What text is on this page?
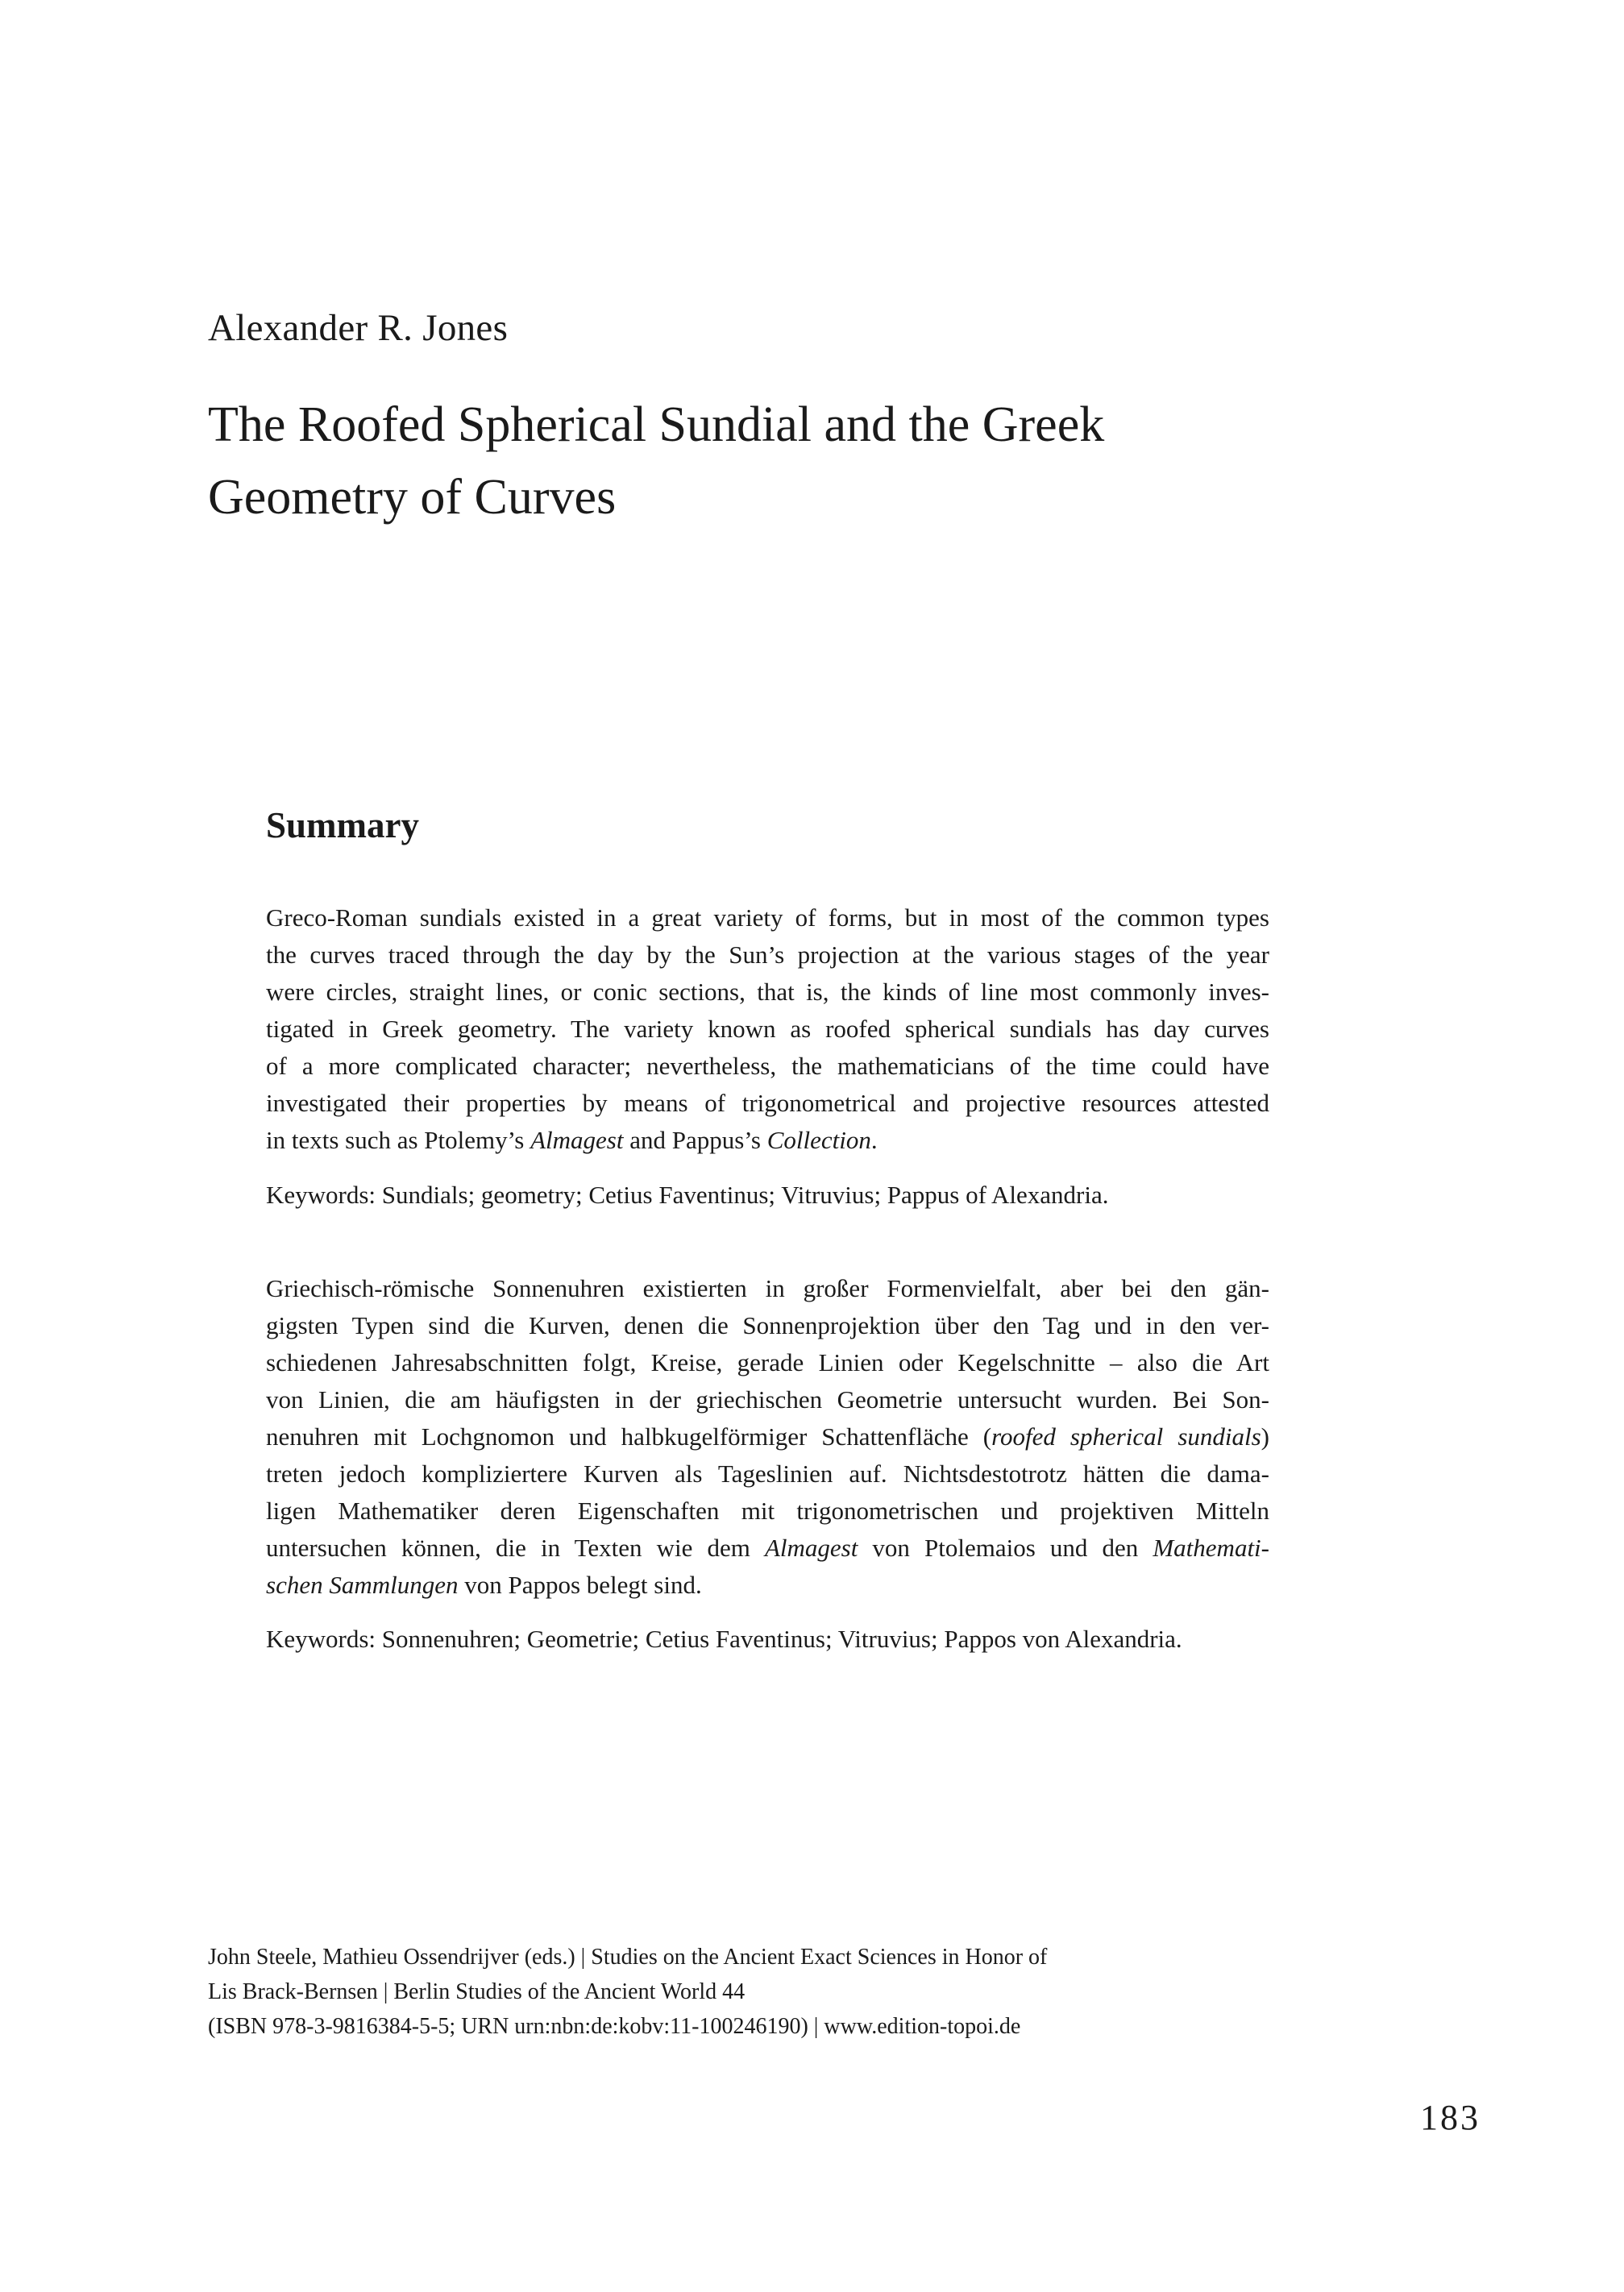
Alexander R. Jones
The Roofed Spherical Sundial and the Greek
Geometry of Curves
Summary

Greco-Roman sundials existed in a great variety of forms, but in most of the common types
the curves traced through the day by the Sun’s projection at the various stages of the year
were circles, straight lines, or conic sections, that is, the kinds of line most commonly inves-
tigated in Greek geometry. The variety known as roofed spherical sundials has day curves
of a more complicated character; nevertheless, the mathematicians of the time could have
investigated their properties by means of trigonometrical and projective resources attested
in texts such as Ptolemy’s Almagest and Pappus’s Collection.

Keywords: Sundials; geometry; Cetius Faventinus; Vitruvius; Pappus of Alexandria.

Griechisch-römische Sonnenuhren existierten in großer Formenvielfalt, aber bei den gän-
gigsten Typen sind die Kurven, denen die Sonnenprojektion über den Tag und in den ver-
schiedenen Jahresabschnitten folgt, Kreise, gerade Linien oder Kegelschnitte – also die Art
von Linien, die am häufigsten in der griechischen Geometrie untersucht wurden. Bei Son-
nenuhren mit Lochgnomon und halbkugelförmiger Schattenfläche (roofed spherical sundials)
treten jedoch kompliziertere Kurven als Tageslinien auf. Nichtsdestotrotz hätten die dama-
ligen Mathematiker deren Eigenschaften mit trigonometrischen und projektiven Mitteln
untersuchen können, die in Texten wie dem Almagest von Ptolemaios und den Mathemati-
schen Sammlungen von Pappos belegt sind.

Keywords: Sonnenuhren; Geometrie; Cetius Faventinus; Vitruvius; Pappos von Alexandria.
John Steele, Mathieu Ossendrijver (eds.) | Studies on the Ancient Exact Sciences in Honor of
Lis Brack-Bernsen | Berlin Studies of the Ancient World 44
(ISBN 978-3-9816384-5-5; URN urn:nbn:de:kobv:11-100246190) | www.edition-topoi.de
183
